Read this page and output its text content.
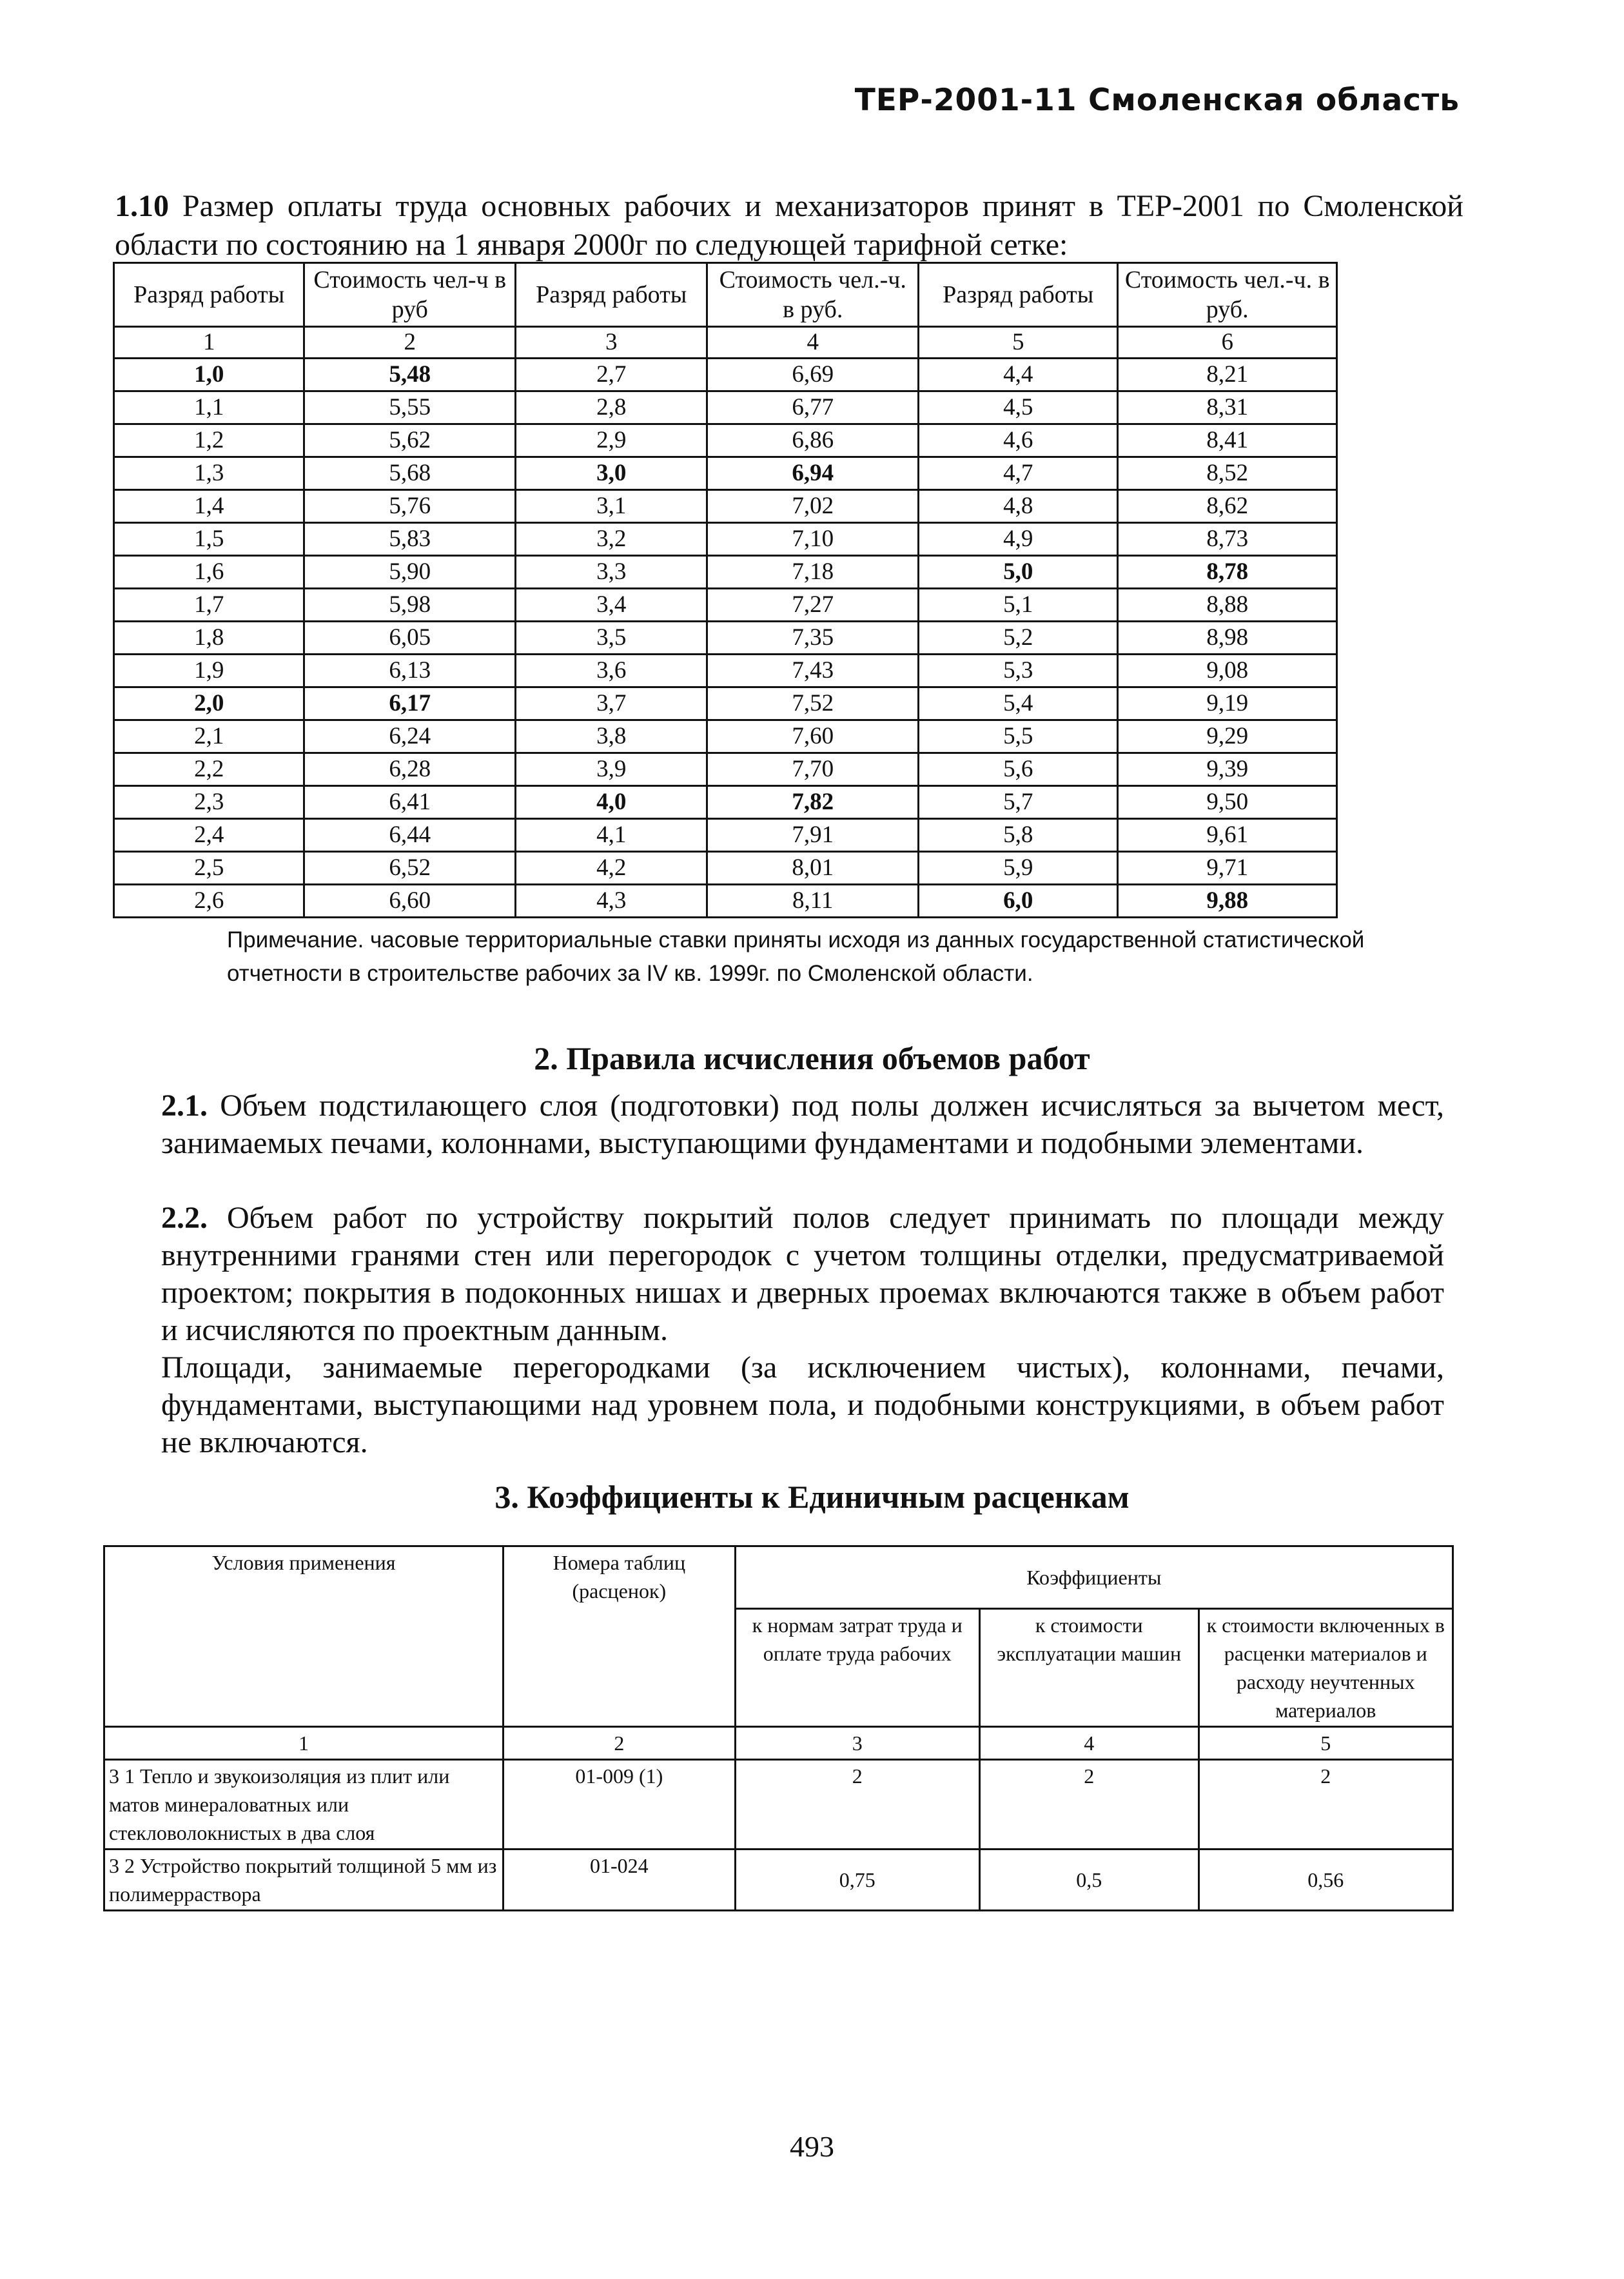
ТЕР-2001-11 Смоленская область
1.10 Размер оплаты труда основных рабочих и механизаторов принят в ТЕР-2001 по Смоленской области по состоянию на 1 января 2000г по следующей тарифной сетке:
Разряд работы	Стоимость чел-ч в руб	Разряд работы	Стоимость чел.-ч. в руб.	Разряд работы	Стоимость чел.-ч. в руб.
1	2	3	4	5	6
1,0	5,48	2,7	6,69	4,4	8,21
1,1	5,55	2,8	6,77	4,5	8,31
1,2	5,62	2,9	6,86	4,6	8,41
1,3	5,68	3,0	6,94	4,7	8,52
1,4	5,76	3,1	7,02	4,8	8,62
1,5	5,83	3,2	7,10	4,9	8,73
1,6	5,90	3,3	7,18	5,0	8,78
1,7	5,98	3,4	7,27	5,1	8,88
1,8	6,05	3,5	7,35	5,2	8,98
1,9	6,13	3,6	7,43	5,3	9,08
2,0	6,17	3,7	7,52	5,4	9,19
2,1	6,24	3,8	7,60	5,5	9,29
2,2	6,28	3,9	7,70	5,6	9,39
2,3	6,41	4,0	7,82	5,7	9,50
2,4	6,44	4,1	7,91	5,8	9,61
2,5	6,52	4,2	8,01	5,9	9,71
2,6	6,60	4,3	8,11	6,0	9,88
Примечание. часовые территориальные ставки приняты исходя из данных государственной статистической отчетности в строительстве рабочих за IV кв. 1999г. по Смоленской области.
2. Правила исчисления объемов работ
2.1. Объем подстилающего слоя (подготовки) под полы должен исчисляться за вычетом мест, занимаемых печами, колоннами, выступающими фундаментами и подобными элементами.
2.2. Объем работ по устройству покрытий полов следует принимать по площади между внутренними гранями стен или перегородок с учетом толщины отделки, предусматриваемой проектом; покрытия в подоконных нишах и дверных проемах включаются также в объем работ и исчисляются по проектным данным.
Площади, занимаемые перегородками (за исключением чистых), колоннами, печами, фундаментами, выступающими над уровнем пола, и подобными конструкциями, в объем работ не включаются.
3. Коэффициенты к Единичным расценкам
Условия применения	Номера таблиц (расценок)	Коэффициенты		
		к нормам затрат труда и оплате труда рабочих	к стоимости эксплуатации машин	к стоимости включенных в расценки материалов и расходу неучтенных материалов
1	2	3	4	5
3 1 Тепло и звукоизоляция из плит или матов минераловатных или стекловолокнистых в два слоя	01-009 (1)	2	2	2
3 2 Устройство покрытий толщиной 5 мм из полимерраствора	01-024	0,75	0,5	0,56
493
